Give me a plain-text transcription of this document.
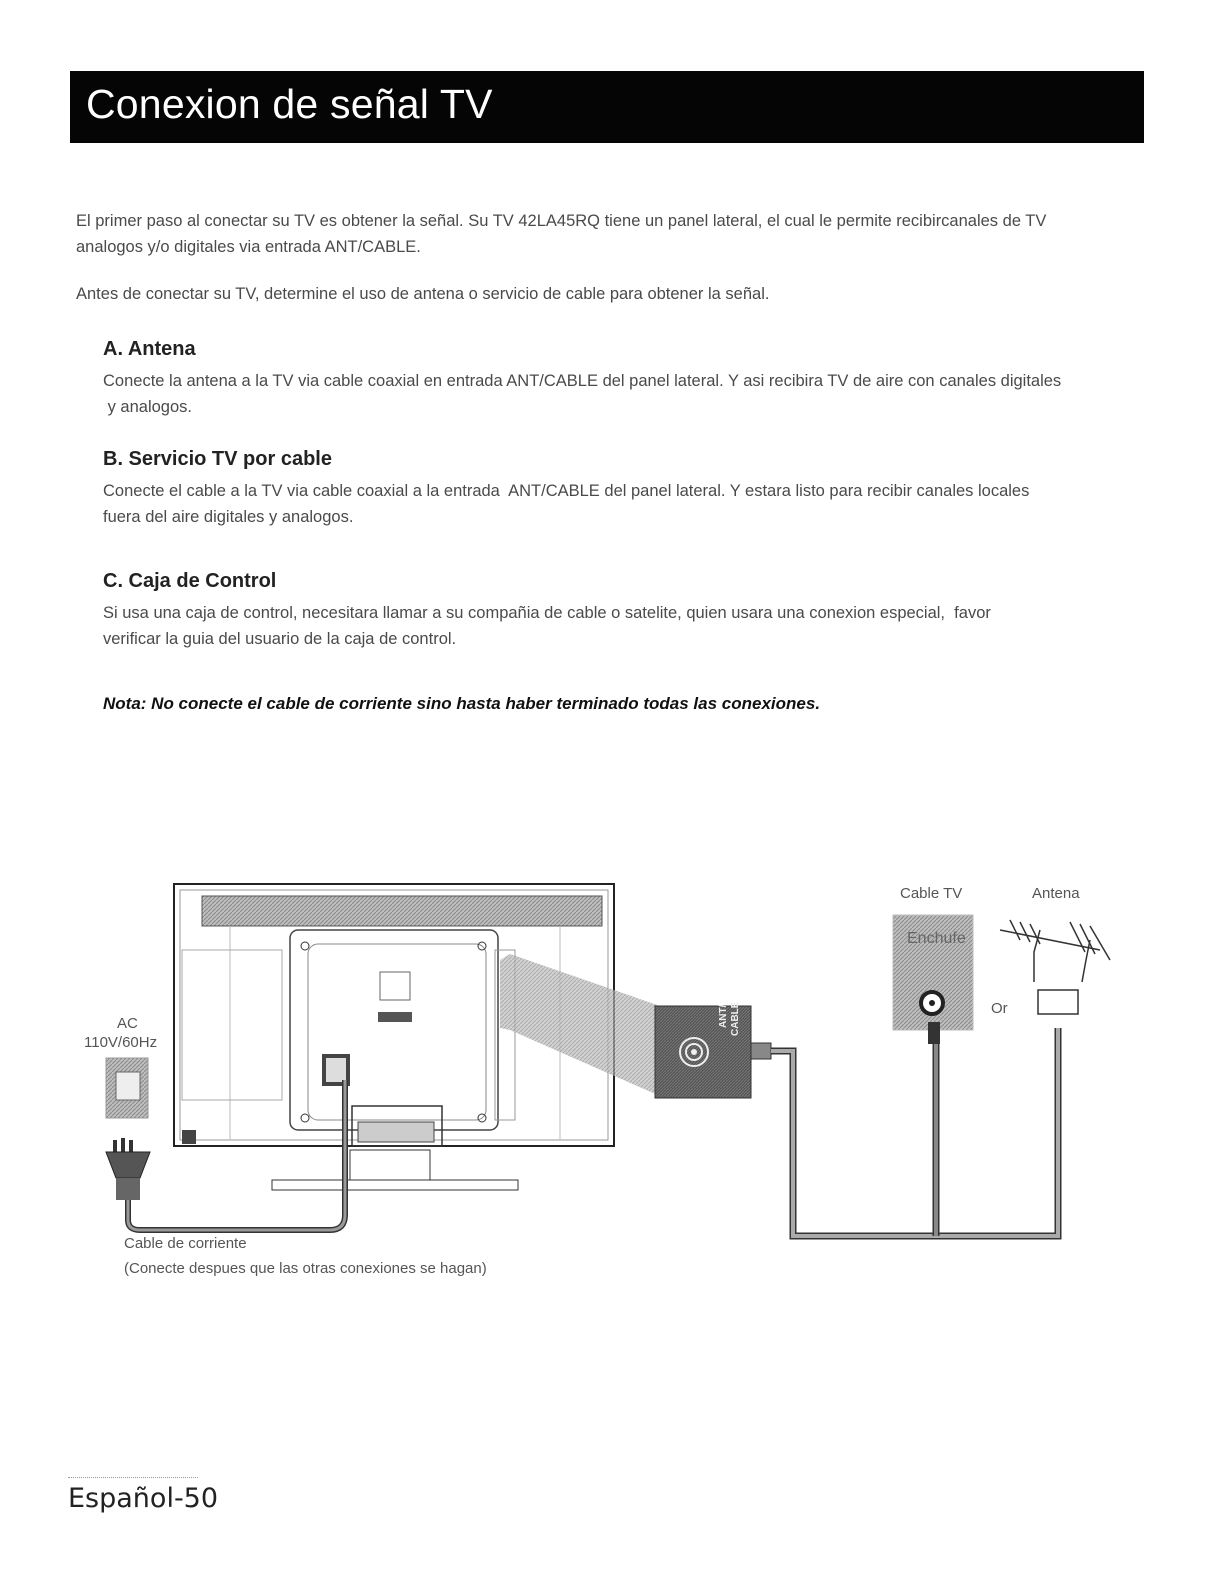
Conexion de señal TV

El primer paso al conectar su TV es obtener la señal. Su TV 42LA45RQ tiene un panel lateral, el cual le permite recibircanales de TV

analogos y/o digitales via entrada ANT/CABLE.

Antes de conectar su TV, determine el uso de antena o servicio de cable para obtener la señal.

A. Antena

Conecte la antena a la TV via cable coaxial en entrada ANT/CABLE del panel lateral. Y asi recibira TV de aire con canales digitales

y analogos.

B. Servicio TV por cable

Conecte el cable a la TV via cable coaxial a la entrada  ANT/CABLE del panel lateral. Y estara listo para recibir canales locales

fuera del aire digitales y analogos.

C. Caja de Control

Si usa una caja de control, necesitara llamar a su compañia de cable o satelite, quien usara una conexion especial,  favor

verificar la guia del usuario de la caja de control.

Nota: No conecte el cable de corriente sino hasta haber terminado todas las conexiones.

AC
110V/60Hz
ANT/ CABLE
Cable TV	Antena
Enchufe
Or
Cable de corriente
(Conecte despues que las otras conexiones se hagan)
Español-50
